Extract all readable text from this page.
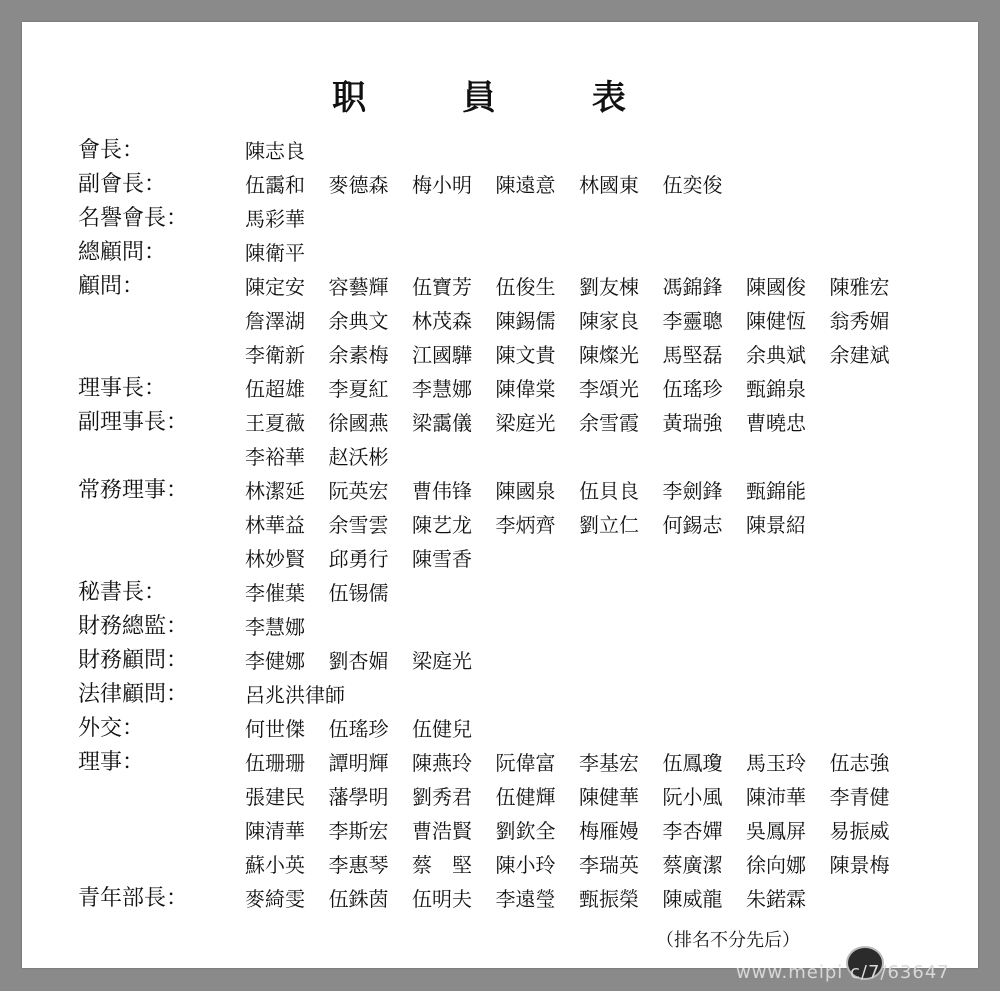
职 員 表
會長：	陳志良
副會長：	伍靄和	麥德森	梅小明	陳遠意	林國東	伍奕俊
名譽會長：	馬彩華
總顧問：	陳衛平
顧問：	陳定安	容藝輝	伍寶芳	伍俊生	劉友棟	馮錦鋒	陳國俊	陳雅宏
詹澤湖	余典文	林茂森	陳錫儒	陳家良	李靈聰	陳健恆	翁秀媚
李衛新	余素梅	江國驊	陳文貴	陳燦光	馬堅磊	余典斌	余建斌
理事長：	伍超雄	李夏紅	李慧娜	陳偉棠	李頌光	伍瑤珍	甄錦泉
副理事長：	王夏薇	徐國燕	梁靄儀	梁庭光	余雪霞	黃瑞強	曹曉忠
李裕華	赵沃彬
常務理事：	林潔延	阮英宏	曹伟锋	陳國泉	伍貝良	李劍鋒	甄錦能
林華益	余雪雲	陳艺龙	李炳齊	劉立仁	何錫志	陳景紹
林妙賢	邱勇行	陳雪香
秘書長：	李催葉	伍锡儒
財務總監：	李慧娜
財務顧問：	李健娜	劉杏媚	梁庭光
法律顧問：	呂兆洪律師
外交：	何世傑	伍瑤珍	伍健兒
理事：	伍珊珊	譚明輝	陳燕玲	阮偉富	李基宏	伍鳳瓊	馬玉玲	伍志強
張建民	藩學明	劉秀君	伍健輝	陳健華	阮小風	陳沛華	李青健
陳清華	李斯宏	曹浩賢	劉欽全	梅雁嫚	李杏嬋	吳鳳屏	易振威
蘇小英	李惠琴	蔡　堅	陳小玲	李瑞英	蔡廣潔	徐向娜	陳景梅
青年部長：	麥綺雯	伍銖茵	伍明夫	李遠瑩	甄振榮	陳威龍	朱鍩霖
（排名不分先后）
www.meipi c/7/63647
